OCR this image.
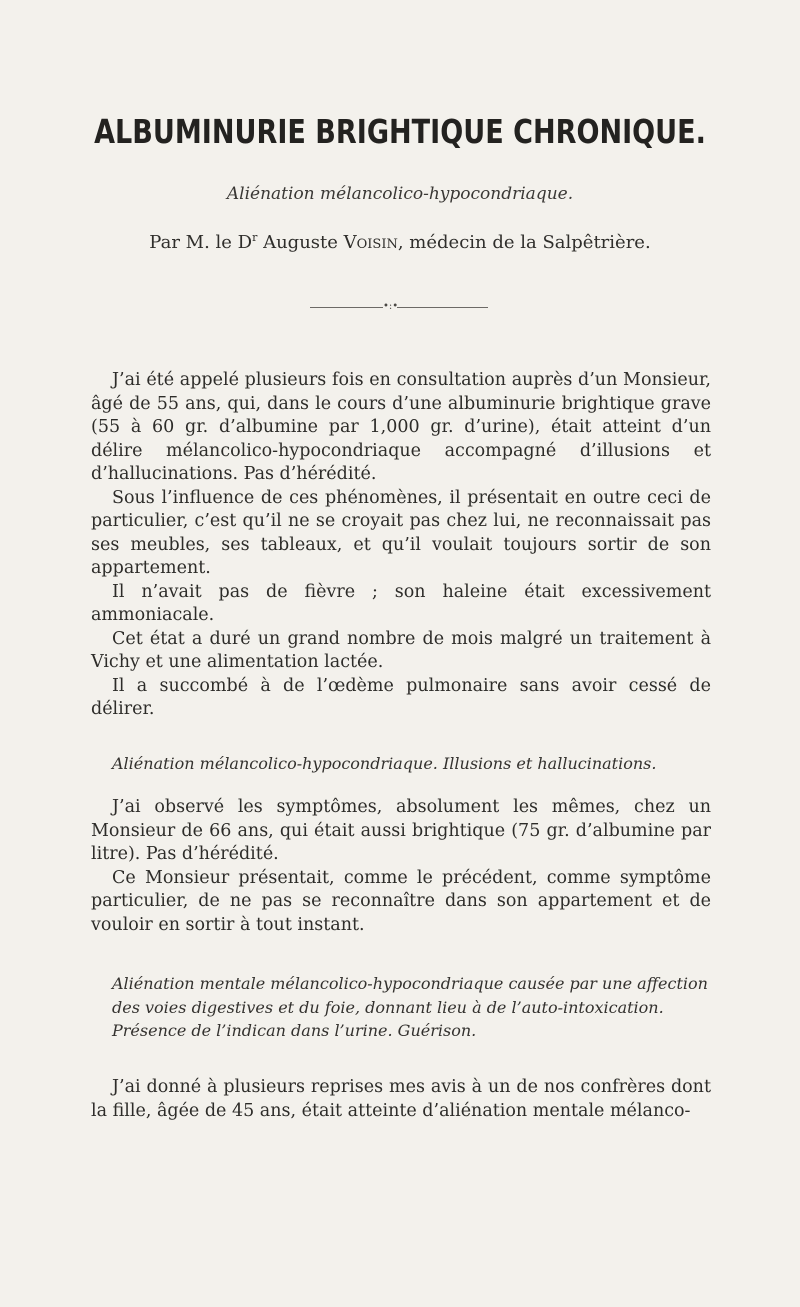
ALBUMINURIE BRIGHTIQUE CHRONIQUE.
Aliénation mélancolico-hypocondriaque.
Par M. le $D^r$ Auguste Voisin, médecin de la Salpêtrière.
•:•

J’ai été appelé plusieurs fois en consultation auprès d’un Monsieur, âgé de 55 ans, qui, dans le cours d’une albuminurie brightique grave (55 à 60 gr. d’albumine par 1,000 gr. d’urine), était atteint d’un délire mélancolico-hypocondriaque accompagné d’illusions et d’hallucinations. Pas d’hérédité.

Sous l’influence de ces phénomènes, il présentait en outre ceci de particulier, c’est qu’il ne se croyait pas chez lui, ne reconnaissait pas ses meubles, ses tableaux, et qu’il voulait toujours sortir de son appartement.

Il n’avait pas de fièvre ; son haleine était excessivement ammoniacale.

Cet état a duré un grand nombre de mois malgré un traitement à Vichy et une alimentation lactée.

Il a succombé à de l’œdème pulmonaire sans avoir cessé de délirer.

Aliénation mélancolico-hypocondriaque. Illusions et hallucinations.

J’ai observé les symptômes, absolument les mêmes, chez un Monsieur de 66 ans, qui était aussi brightique (75 gr. d’albumine par litre). Pas d’hérédité.

Ce Monsieur présentait, comme le précédent, comme symptôme particulier, de ne pas se reconnaître dans son appartement et de vouloir en sortir à tout instant.

Aliénation mentale mélancolico-hypocondriaque causée par une affection
des voies digestives et du foie, donnant lieu à de l’auto-intoxication.
Présence de l’indican dans l’urine. Guérison.

J’ai donné à plusieurs reprises mes avis à un de nos confrères dont la fille, âgée de 45 ans, était atteinte d’aliénation mentale mélanco-
